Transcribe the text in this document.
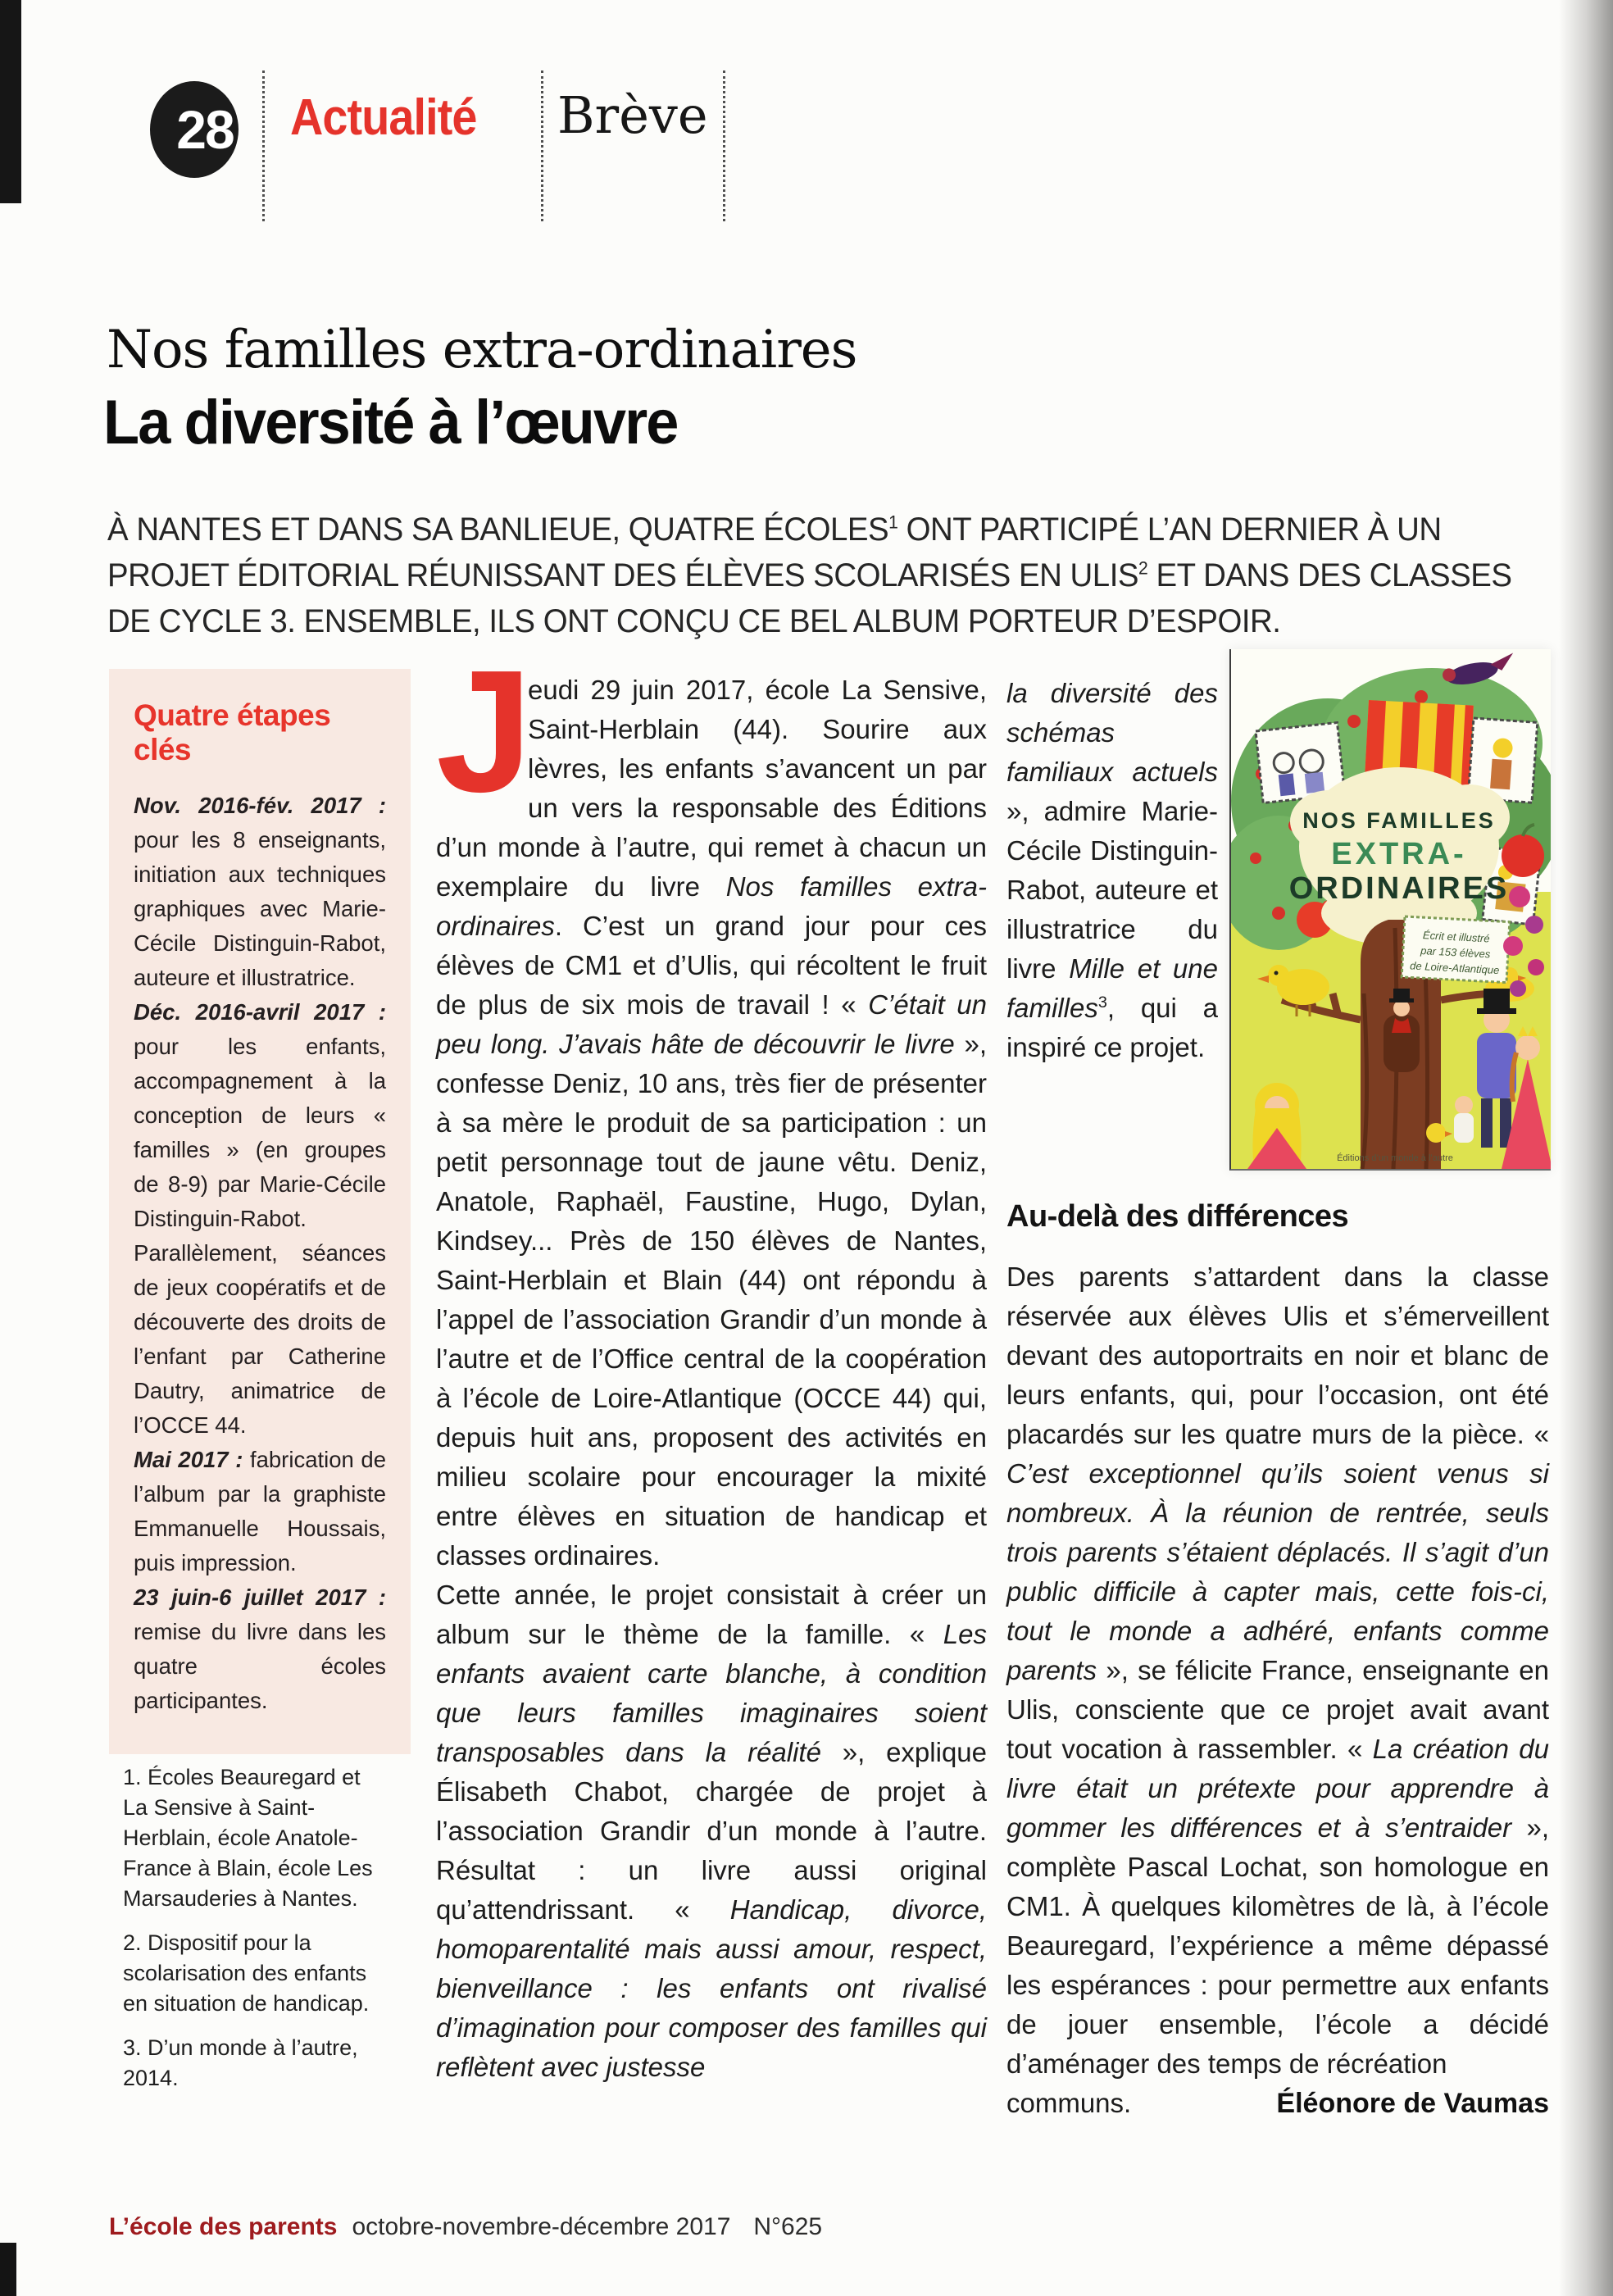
28 Actualité Brève
Nos familles extra-ordinaires
La diversité à l’œuvre
À NANTES ET DANS SA BANLIEUE, QUATRE ÉCOLES$^1$ ONT PARTICIPÉ L’AN DERNIER À UN PROJET ÉDITORIAL RÉUNISSANT DES ÉLÈVES SCOLARISÉS EN ULIS$^2$ ET DANS DES CLASSES DE CYCLE 3. ENSEMBLE, ILS ONT CONÇU CE BEL ALBUM PORTEUR D’ESPOIR.
Quatre étapes clés

Nov. 2016-fév. 2017 : pour les 8 enseignants, initiation aux techniques graphiques avec Marie-Cécile Distinguin-Rabot, auteure et illustratrice.

Déc. 2016-avril 2017 : pour les enfants, accompagnement à la conception de leurs « familles » (en groupes de 8-9) par Marie-Cécile Distinguin-Rabot. Parallèlement, séances de jeux coopératifs et de découverte des droits de l’enfant par Catherine Dautry, animatrice de l’OCCE 44.

Mai 2017 : fabrication de l’album par la graphiste Emmanuelle Houssais, puis impression.

23 juin-6 juillet 2017 : remise du livre dans les quatre écoles participantes.

1. Écoles Beauregard et La Sensive à Saint-Herblain, école Anatole-France à Blain, école Les Marsauderies à Nantes.

2. Dispositif pour la scolarisation des enfants en situation de handicap.

3. D’un monde à l’autre, 2014.

J
eudi 29 juin 2017, école La Sensive, Saint-Herblain (44). Sourire aux lèvres, les enfants s’avancent un par un vers la responsable des Éditions d’un monde à l’autre, qui remet à chacun un exemplaire du livre Nos familles extra-ordinaires. C’est un grand jour pour ces élèves de CM1 et d’Ulis, qui récoltent le fruit de plus de six mois de travail ! « C’était un peu long. J’avais hâte de découvrir le livre », confesse Deniz, 10 ans, très fier de présenter à sa mère le produit de sa participation : un petit personnage tout de jaune vêtu. Deniz, Anatole, Raphaël, Faustine, Hugo, Dylan, Kindsey... Près de 150 élèves de Nantes, Saint-Herblain et Blain (44) ont répondu à l’appel de l’association Grandir d’un monde à l’autre et de l’Office central de la coopération à l’école de Loire-Atlantique (OCCE 44) qui, depuis huit ans, proposent des activités en milieu scolaire pour encourager la mixité entre élèves en situation de handicap et classes ordinaires.

Cette année, le projet consistait à créer un album sur le thème de la famille. « Les enfants avaient carte blanche, à condition que leurs familles imaginaires soient transposables dans la réalité », explique Élisabeth Chabot, chargée de projet à l’association Grandir d’un monde à l’autre. Résultat : un livre aussi original qu’attendrissant. « Handicap, divorce, homoparentalité mais aussi amour, respect, bienveillance : les enfants ont rivalisé d’imagination pour composer des familles qui reflètent avec justesse

la diversité des schémas familiaux actuels », admire Marie-Cécile Distinguin-Rabot, auteure et illustratrice du livre Mille et une familles$^3$, qui a inspiré ce projet.

NOS FAMILLES
EXTRA-
ORDINAIRES
Écrit et illustré
par 153 élèves
de Loire-Atlantique
Éditions d’un monde à l’autre
Au-delà des différences

Des parents s’attardent dans la classe réservée aux élèves Ulis et s’émerveillent devant des autoportraits en noir et blanc de leurs enfants, qui, pour l’occasion, ont été placardés sur les quatre murs de la pièce. « C’est exceptionnel qu’ils soient venus si nombreux. À la réunion de rentrée, seuls trois parents s’étaient déplacés. Il s’agit d’un public difficile à capter mais, cette fois-ci, tout le monde a adhéré, enfants comme parents », se félicite France, enseignante en Ulis, consciente que ce projet avait avant tout vocation à rassembler. « La création du livre était un prétexte pour apprendre à gommer les différences et à s’entraider », complète Pascal Lochat, son homologue en CM1. À quelques kilomètres de là, à l’école Beauregard, l’expérience a même dépassé les espérances : pour permettre aux enfants de jouer ensemble, l’école a décidé d’aménager des temps de récréation

communs.	Éléonore de Vaumas
L’école des parents octobre-novembre-décembre 2017 N°625
